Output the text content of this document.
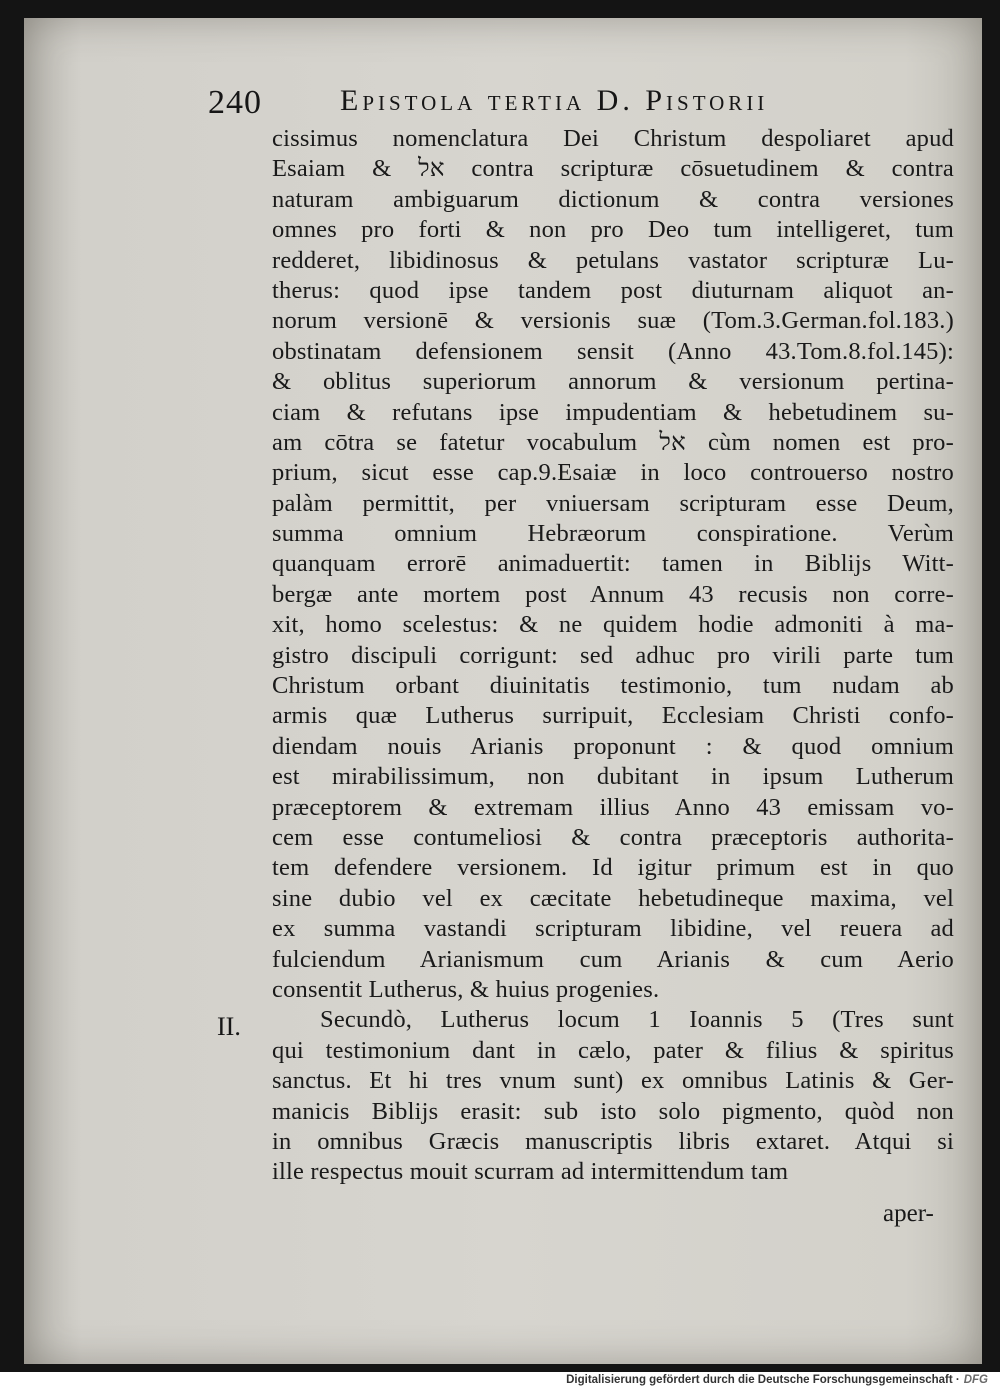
240	Epistola tertia D. Pistorii
cissimus nomenclatura Dei Christum despoliaret apud
Esaiam & אל contra scripturæ cōsuetudinem & contra
naturam ambiguarum dictionum & contra versiones
omnes pro forti & non pro Deo tum intelligeret, tum
redderet, libidinosus & petulans vastator scripturæ Lu-
therus: quod ipse tandem post diuturnam aliquot an-
norum versionē & versionis suæ (Tom.3.German.fol.183.)
obstinatam defensionem sensit (Anno 43.Tom.8.fol.145):
& oblitus superiorum annorum & versionum pertina-
ciam & refutans ipse impudentiam & hebetudinem su-
am cōtra se fatetur vocabulum אל cùm nomen est pro-
prium, sicut esse cap.9.Esaiæ in loco controuerso nostro
palàm permittit, per vniuersam scripturam esse Deum,
summa omnium Hebræorum conspiratione. Verùm
quanquam errorē animaduertit: tamen in Biblijs Witt-
bergæ ante mortem post Annum 43 recusis non corre-
xit, homo scelestus: & ne quidem hodie admoniti à ma-
gistro discipuli corrigunt: sed adhuc pro virili parte tum
Christum orbant diuinitatis testimonio, tum nudam ab
armis quæ Lutherus surripuit, Ecclesiam Christi confo-
diendam nouis Arianis proponunt : & quod omnium
est mirabilissimum, non dubitant in ipsum Lutherum
præceptorem & extremam illius Anno 43 emissam vo-
cem esse contumeliosi & contra præceptoris authorita-
tem defendere versionem. Id igitur primum est in quo
sine dubio vel ex cæcitate hebetudineque maxima, vel
ex summa vastandi scripturam libidine, vel reuera ad
fulciendum Arianismum cum Arianis & cum Aerio
consentit Lutherus, & huius progenies.
Secundò, Lutherus locum 1 Ioannis 5 (Tres sunt
qui testimonium dant in cælo, pater & filius & spiritus
sanctus. Et hi tres vnum sunt) ex omnibus Latinis & Ger-
manicis Biblijs erasit: sub isto solo pigmento, quòd non
in omnibus Græcis manuscriptis libris extaret. Atqui si
ille respectus mouit scurram ad intermittendum tam
II.
aper-
Digitalisierung gefördert durch die Deutsche Forschungsgemeinschaft · DFG
